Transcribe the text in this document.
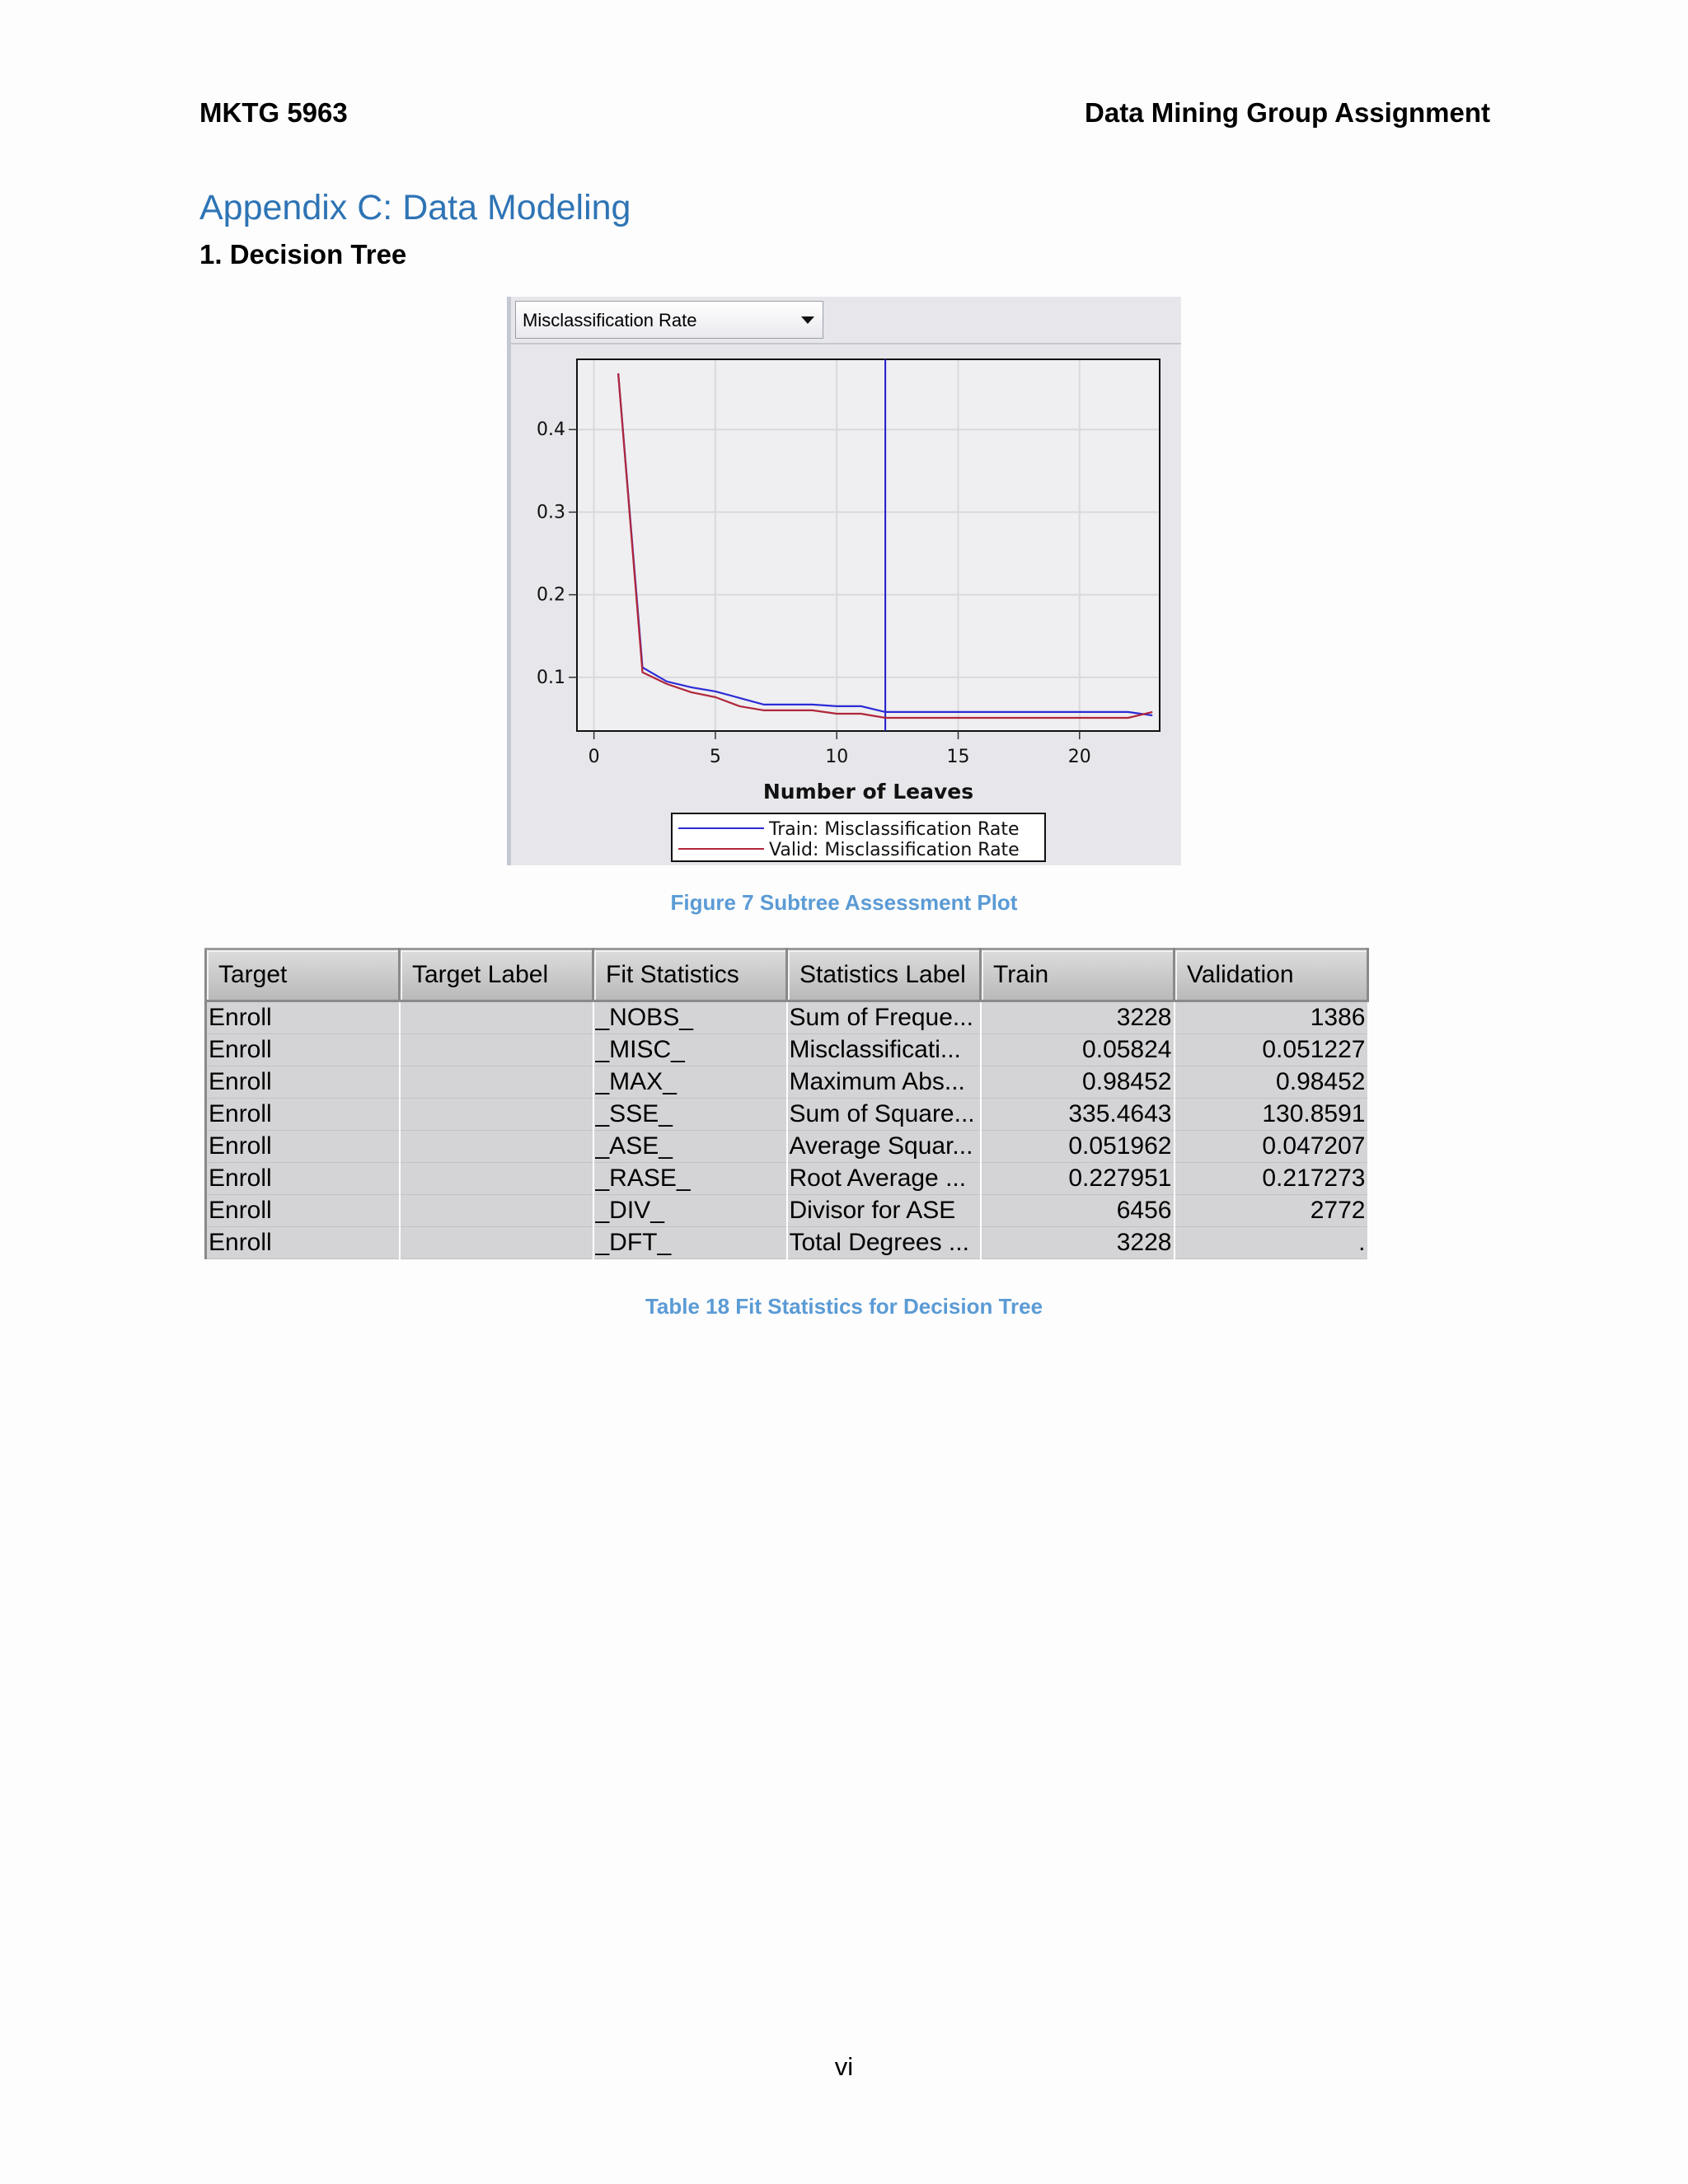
MKTG 5963	Data Mining Group Assignment
Appendix C: Data Modeling
1. Decision Tree
Misclassification Rate
0	5	10	15	20
0.1
0.2
0.3
0.4
Number of Leaves
Train: Misclassification Rate
Valid: Misclassification Rate
Figure 7 Subtree Assessment Plot
Target	Target Label	Fit Statistics	Statistics Label	Train	Validation
Enroll		_NOBS_	Sum of Freque...	3228	1386
Enroll		_MISC_	Misclassificati...	0.05824	0.051227
Enroll		_MAX_	Maximum Abs...	0.98452	0.98452
Enroll		_SSE_	Sum of Square...	335.4643	130.8591
Enroll		_ASE_	Average Squar...	0.051962	0.047207
Enroll		_RASE_	Root Average ...	0.227951	0.217273
Enroll		_DIV_	Divisor for ASE	6456	2772
Enroll		_DFT_	Total Degrees ...	3228	.
Table 18 Fit Statistics for Decision Tree
vi
